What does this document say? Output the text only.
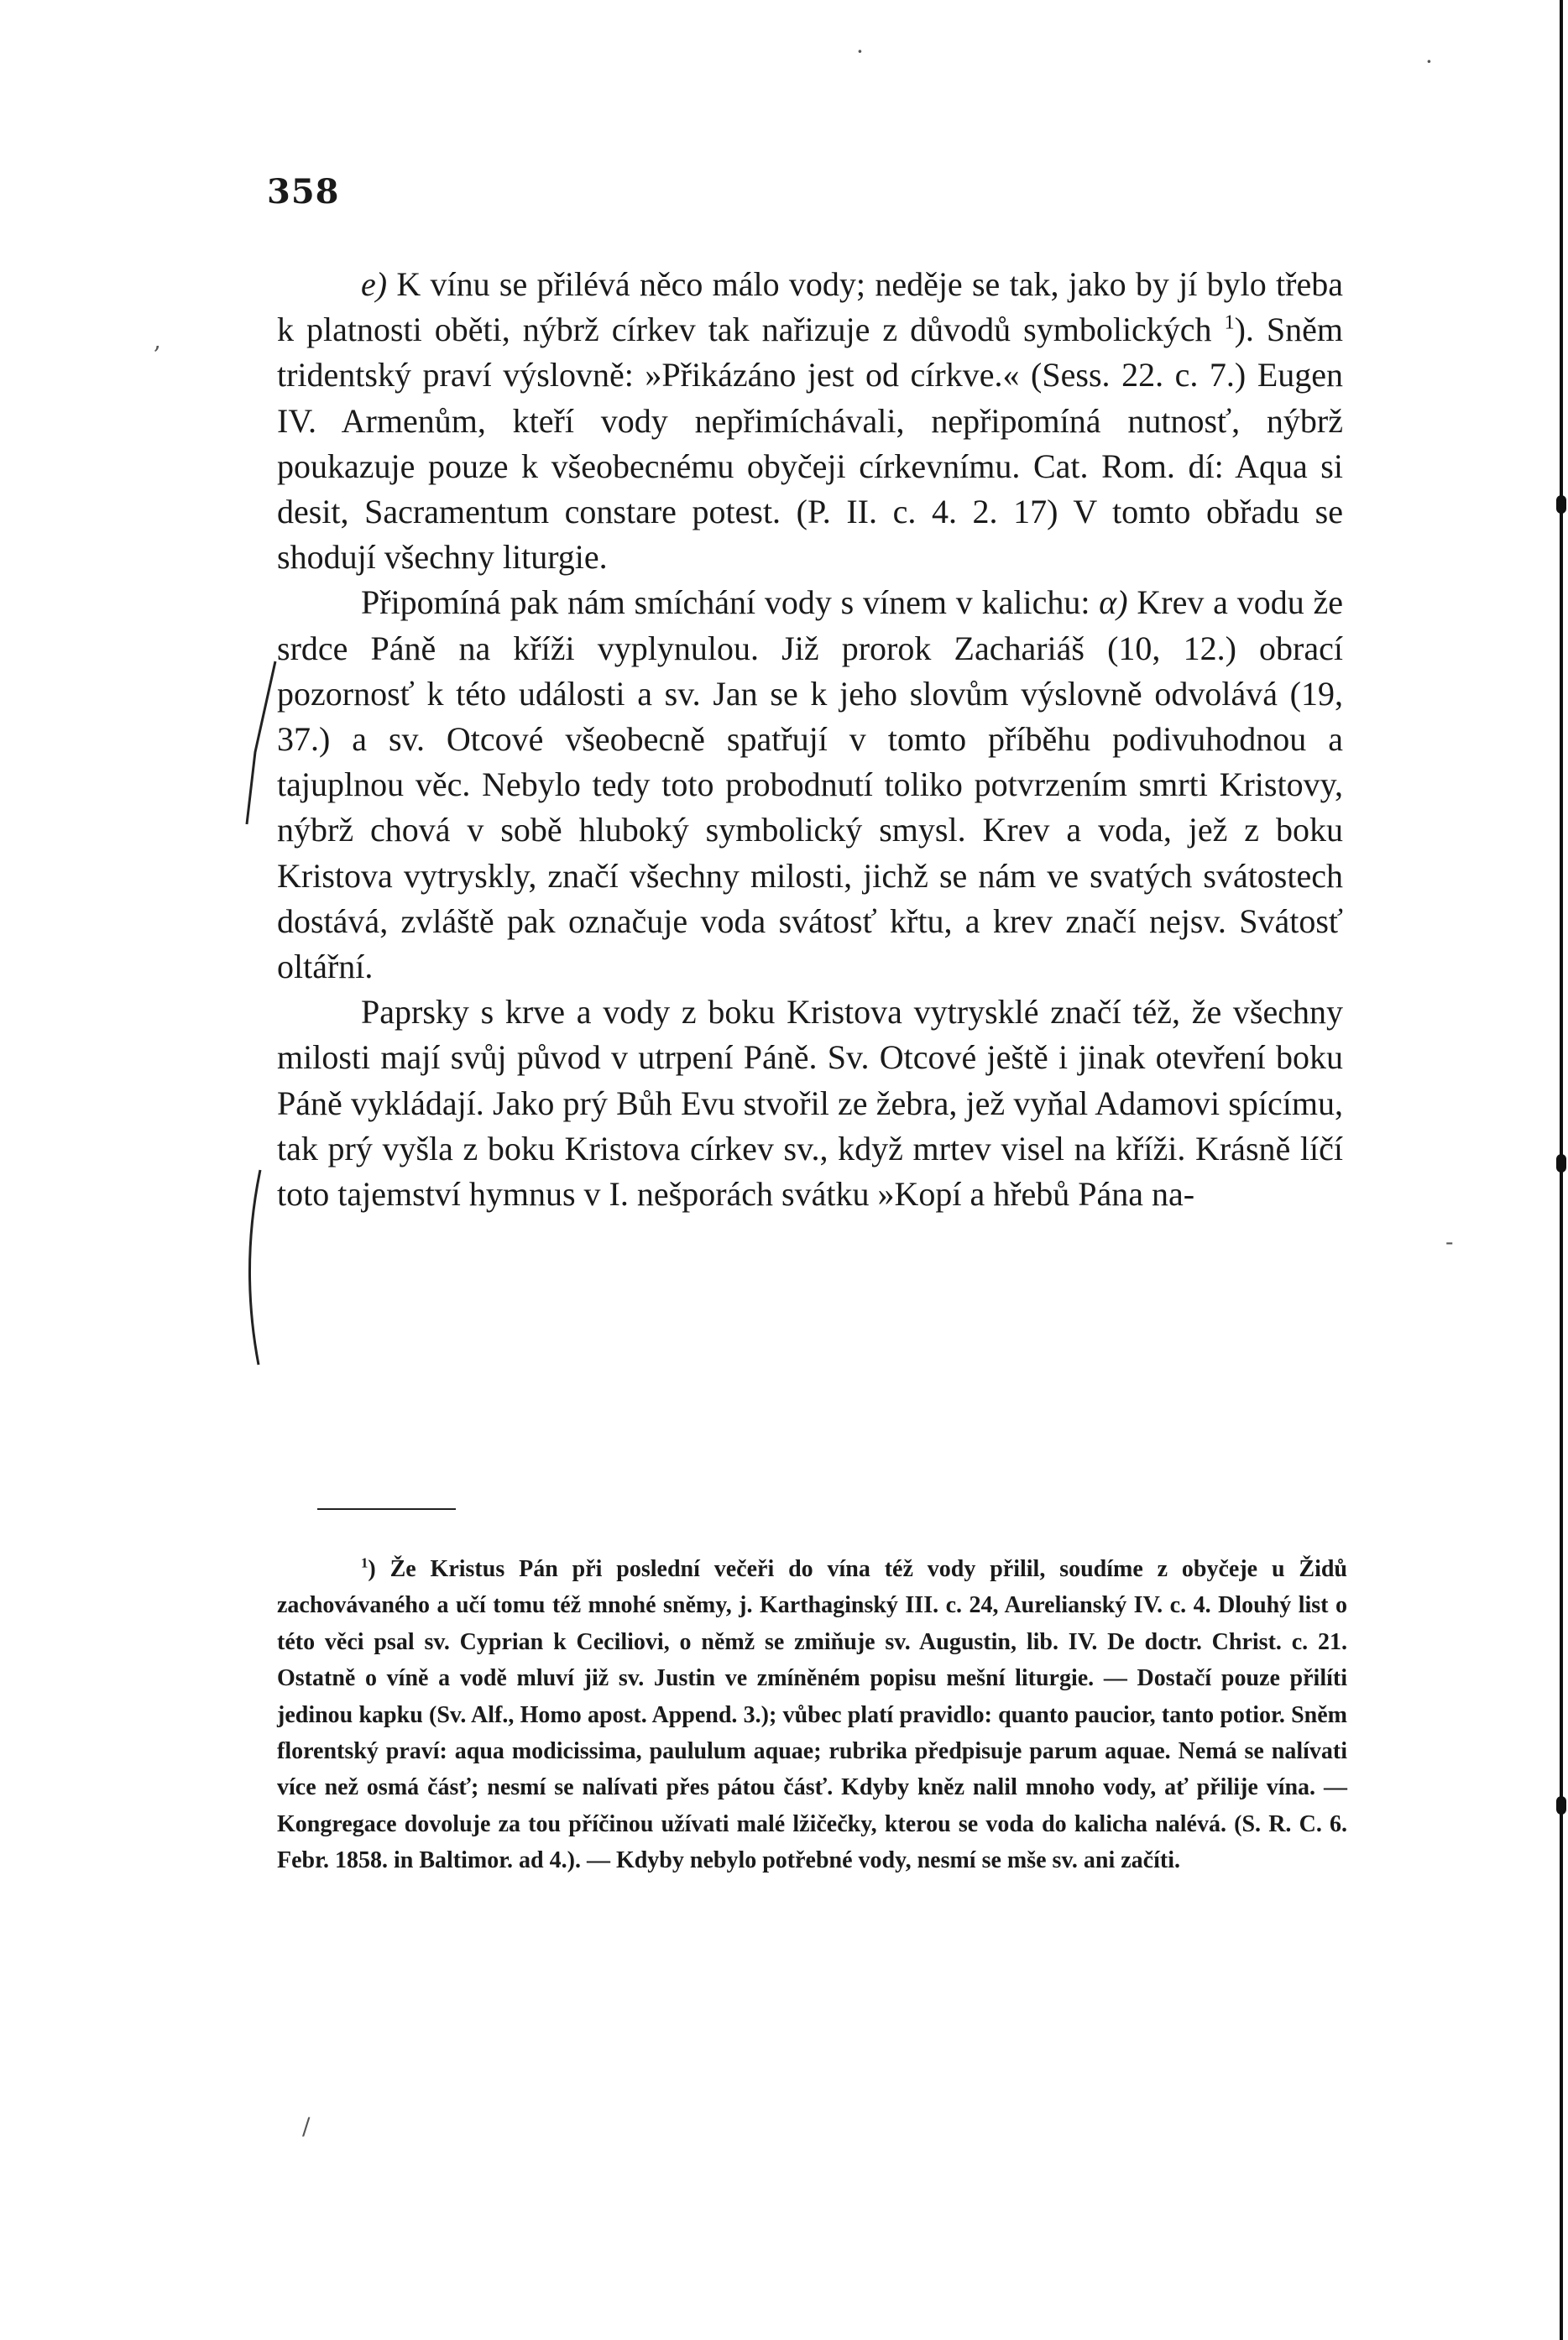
·	·
,
-
/
358

e) K vínu se přilévá něco málo vody; neděje se tak, jako by jí bylo třeba k platnosti oběti, nýbrž církev tak nařizuje z důvodů symbolických $^1$). Sněm tridentský praví výslovně: »Přikázáno jest od církve.« (Sess. 22. c. 7.) Eugen IV. Armenům, kteří vody nepřimíchávali, nepřipomíná nutnosť, nýbrž poukazuje pouze k všeobecnému obyčeji církevnímu. Cat. Rom. dí: Aqua si desit, Sacramentum constare potest. (P. II. c. 4. 2. 17) V tomto obřadu se shodují všechny liturgie.

Připomíná pak nám smíchání vody s vínem v kalichu: α) Krev a vodu že srdce Páně na kříži vyplynulou. Již prorok Zachariáš (10, 12.) obrací pozornosť k této události a sv. Jan se k jeho slovům výslovně odvolává (19, 37.) a sv. Otcové všeobecně spatřují v tomto příběhu podivuhodnou a tajuplnou věc. Nebylo tedy toto probodnutí toliko potvrzením smrti Kristovy, nýbrž chová v sobě hluboký symbolický smysl. Krev a voda, jež z boku Kristova vytryskly, značí všechny milosti, jichž se nám ve svatých svátostech dostává, zvláště pak označuje voda svátosť křtu, a krev značí nejsv. Svátosť oltářní.

Paprsky s krve a vody z boku Kristova vytrysklé značí též, že všechny milosti mají svůj původ v utrpení Páně. Sv. Otcové ještě i jinak otevření boku Páně vykládají. Jako prý Bůh Evu stvořil ze žebra, jež vyňal Adamovi spícímu, tak prý vyšla z boku Kristova církev sv., když mrtev visel na kříži. Krásně líčí toto tajemství hymnus v I. nešporách svátku »Kopí a hřebů Pána na-

$^1$) Že Kristus Pán při poslední večeři do vína též vody přilil, soudíme z obyčeje u Židů zachovávaného a učí tomu též mnohé sněmy, j. Karthaginský III. c. 24, Aurelianský IV. c. 4. Dlouhý list o této věci psal sv. Cyprian k Ceciliovi, o němž se zmiňuje sv. Augustin, lib. IV. De doctr. Christ. c. 21. Ostatně o víně a vodě mluví již sv. Justin ve zmíněném popisu mešní liturgie. — Dostačí pouze přilíti jedinou kapku (Sv. Alf., Homo apost. Append. 3.); vůbec platí pravidlo: quanto paucior, tanto potior. Sněm florentský praví: aqua modicissima, paululum aquae; rubrika předpisuje parum aquae. Nemá se nalívati více než osmá čásť; nesmí se nalívati přes pátou čásť. Kdyby kněz nalil mnoho vody, ať přilije vína. — Kongregace dovoluje za tou příčinou užívati malé lžičečky, kterou se voda do kalicha nalévá. (S. R. C. 6. Febr. 1858. in Baltimor. ad 4.). — Kdyby nebylo potřebné vody, nesmí se mše sv. ani začíti.
